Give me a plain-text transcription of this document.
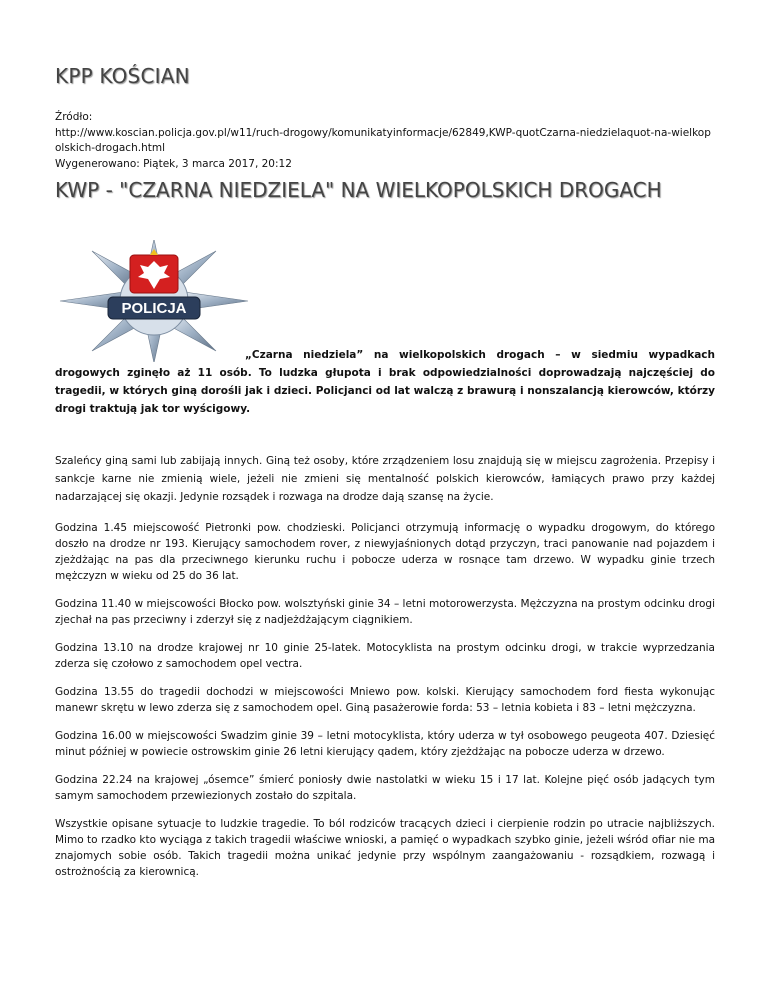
KPP KOŚCIAN
Źródło:
http://www.koscian.policja.gov.pl/w11/ruch-drogowy/komunikatyinformacje/62849,KWP-quotCzarna-niedzielaquot-na-wielkopolskich-drogach.html
Wygenerowano: Piątek, 3 marca 2017, 20:12
KWP - "CZARNA NIEDZIELA" NA WIELKOPOLSKICH DROGACH
POLICJA
„Czarna niedziela” na wielkopolskich drogach – w siedmiu wypadkach drogowych zginęło aż 11 osób. To ludzka głupota i brak odpowiedzialności doprowadzają najczęściej do tragedii, w których giną dorośli jak i dzieci. Policjanci od lat walczą z brawurą i nonszalancją kierowców, którzy drogi traktują jak tor wyścigowy.

Szaleńcy giną sami lub zabijają innych. Giną też osoby, które zrządzeniem losu znajdują się w miejscu zagrożenia. Przepisy i sankcje karne nie zmienią wiele, jeżeli nie zmieni się mentalność polskich kierowców, łamiących prawo przy każdej nadarzającej się okazji. Jedynie rozsądek i rozwaga na drodze dają szansę na życie.

Godzina 1.45 miejscowość Pietronki pow. chodzieski. Policjanci otrzymują informację o wypadku drogowym, do którego doszło na drodze nr 193. Kierujący samochodem rover, z niewyjaśnionych dotąd przyczyn, traci panowanie nad pojazdem i zjeżdżając na pas dla przeciwnego kierunku ruchu i pobocze uderza w rosnące tam drzewo. W wypadku ginie trzech mężczyzn w wieku od 25 do 36 lat.

Godzina 11.40 w miejscowości Błocko pow. wolsztyński ginie 34 – letni motorowerzysta. Mężczyzna na prostym odcinku drogi zjechał na pas przeciwny i zderzył się z nadjeżdżającym ciągnikiem.

Godzina 13.10 na drodze krajowej nr 10 ginie 25-latek. Motocyklista na prostym odcinku drogi, w trakcie wyprzedzania zderza się czołowo z samochodem opel vectra.

Godzina 13.55 do tragedii dochodzi w miejscowości Mniewo pow. kolski. Kierujący samochodem ford fiesta wykonując manewr skrętu w lewo zderza się z samochodem opel. Giną pasażerowie forda: 53 – letnia kobieta i 83 – letni mężczyzna.

Godzina 16.00 w miejscowości Swadzim ginie 39 – letni motocyklista, który uderza w tył osobowego peugeota 407. Dziesięć minut później w powiecie ostrowskim ginie 26 letni kierujący qadem, który zjeżdżając na pobocze uderza w drzewo.

Godzina 22.24 na krajowej „ósemce” śmierć poniosły dwie nastolatki w wieku 15 i 17 lat. Kolejne pięć osób jadących tym samym samochodem przewiezionych zostało do szpitala.

Wszystkie opisane sytuacje to ludzkie tragedie. To ból rodziców tracących dzieci i cierpienie rodzin po utracie najbliższych. Mimo to rzadko kto wyciąga z takich tragedii właściwe wnioski, a pamięć o wypadkach szybko ginie, jeżeli wśród ofiar nie ma znajomych sobie osób. Takich tragedii można unikać jedynie przy wspólnym zaangażowaniu - rozsądkiem, rozwagą i ostrożnością za kierownicą.
